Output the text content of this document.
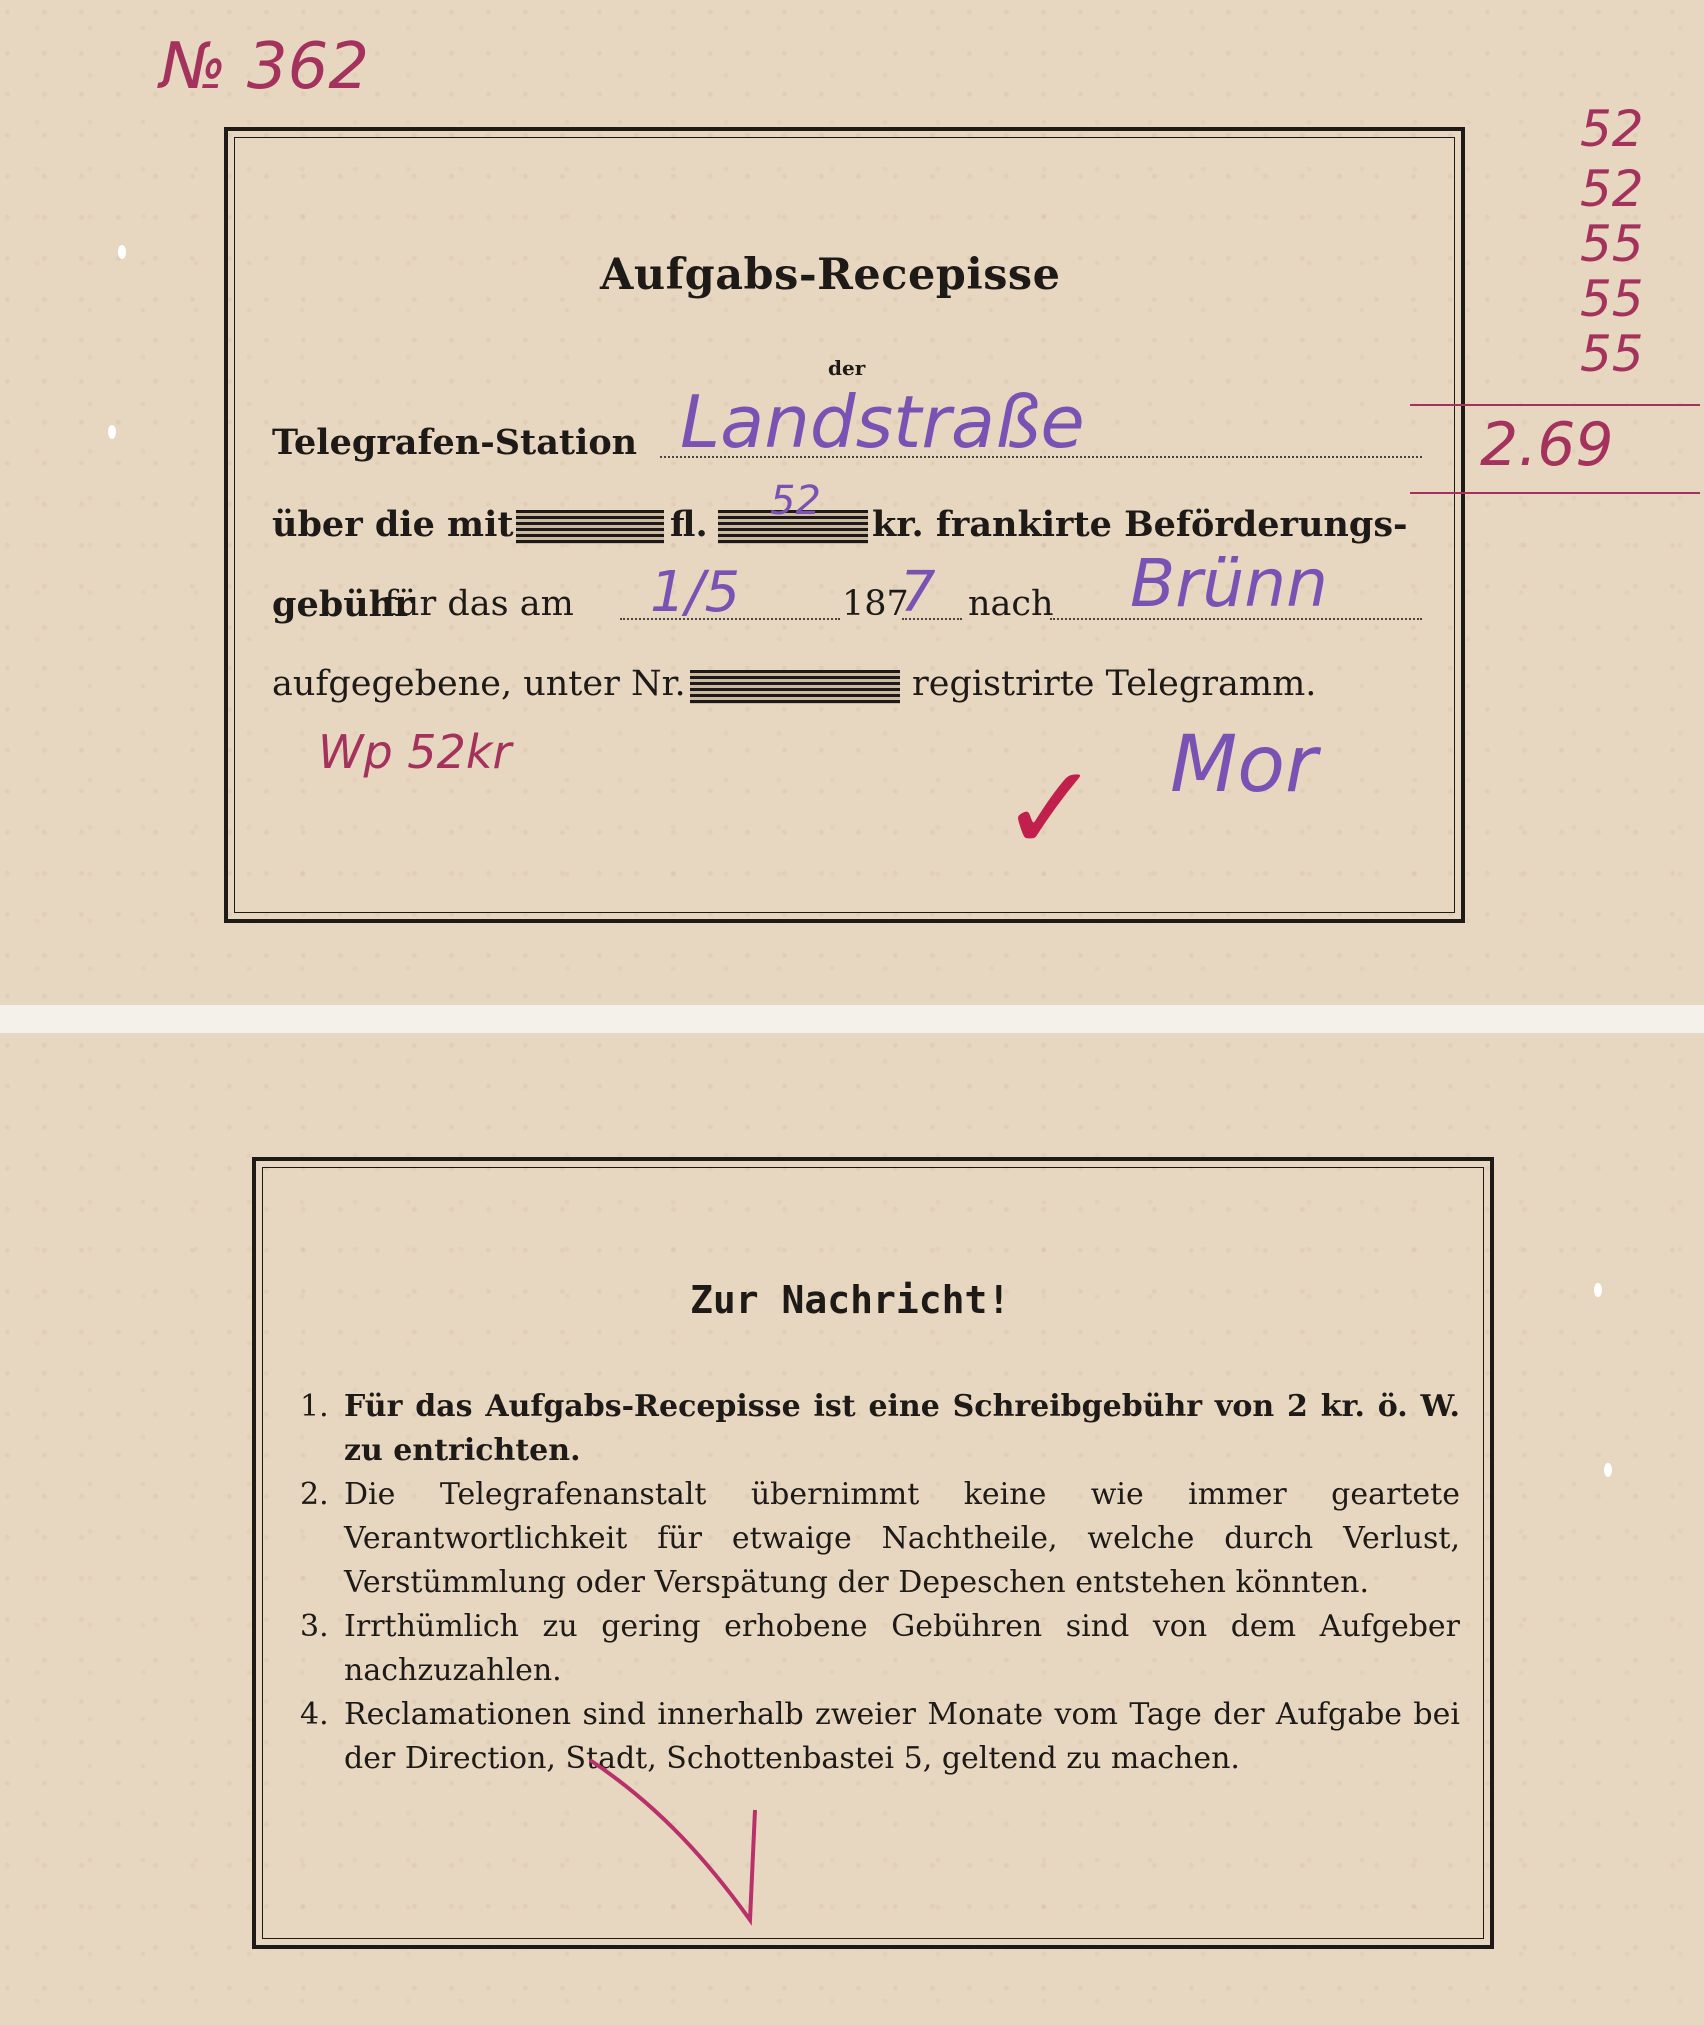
Aufgabs-Recepisse
der
Telegrafen-Station
über die mit	fl.	kr. frankirte Beförderungs-
gebühr
für das am	187 nach
aufgegebene, unter Nr.	registrirte Telegramm.
№ 362
Landstraße
52
1/5	7	Brünn
Wp 52kr	Mor
✓
52
52
55
55
55
2.69
Zur Nachricht!
1. Für das Aufgabs-Recepisse ist eine Schreibgebühr von 2 kr. ö. W. zu entrichten.
2. Die Telegrafenanstalt übernimmt keine wie immer geartete Verantwortlichkeit für etwaige Nachtheile, welche durch Verlust, Verstümmlung oder Verspätung der Depeschen entstehen könnten.
3. Irrthümlich zu gering erhobene Gebühren sind von dem Aufgeber nachzuzahlen.
4. Reclamationen sind innerhalb zweier Monate vom Tage der Aufgabe bei der Direction, Stadt, Schottenbastei 5, geltend zu machen.
